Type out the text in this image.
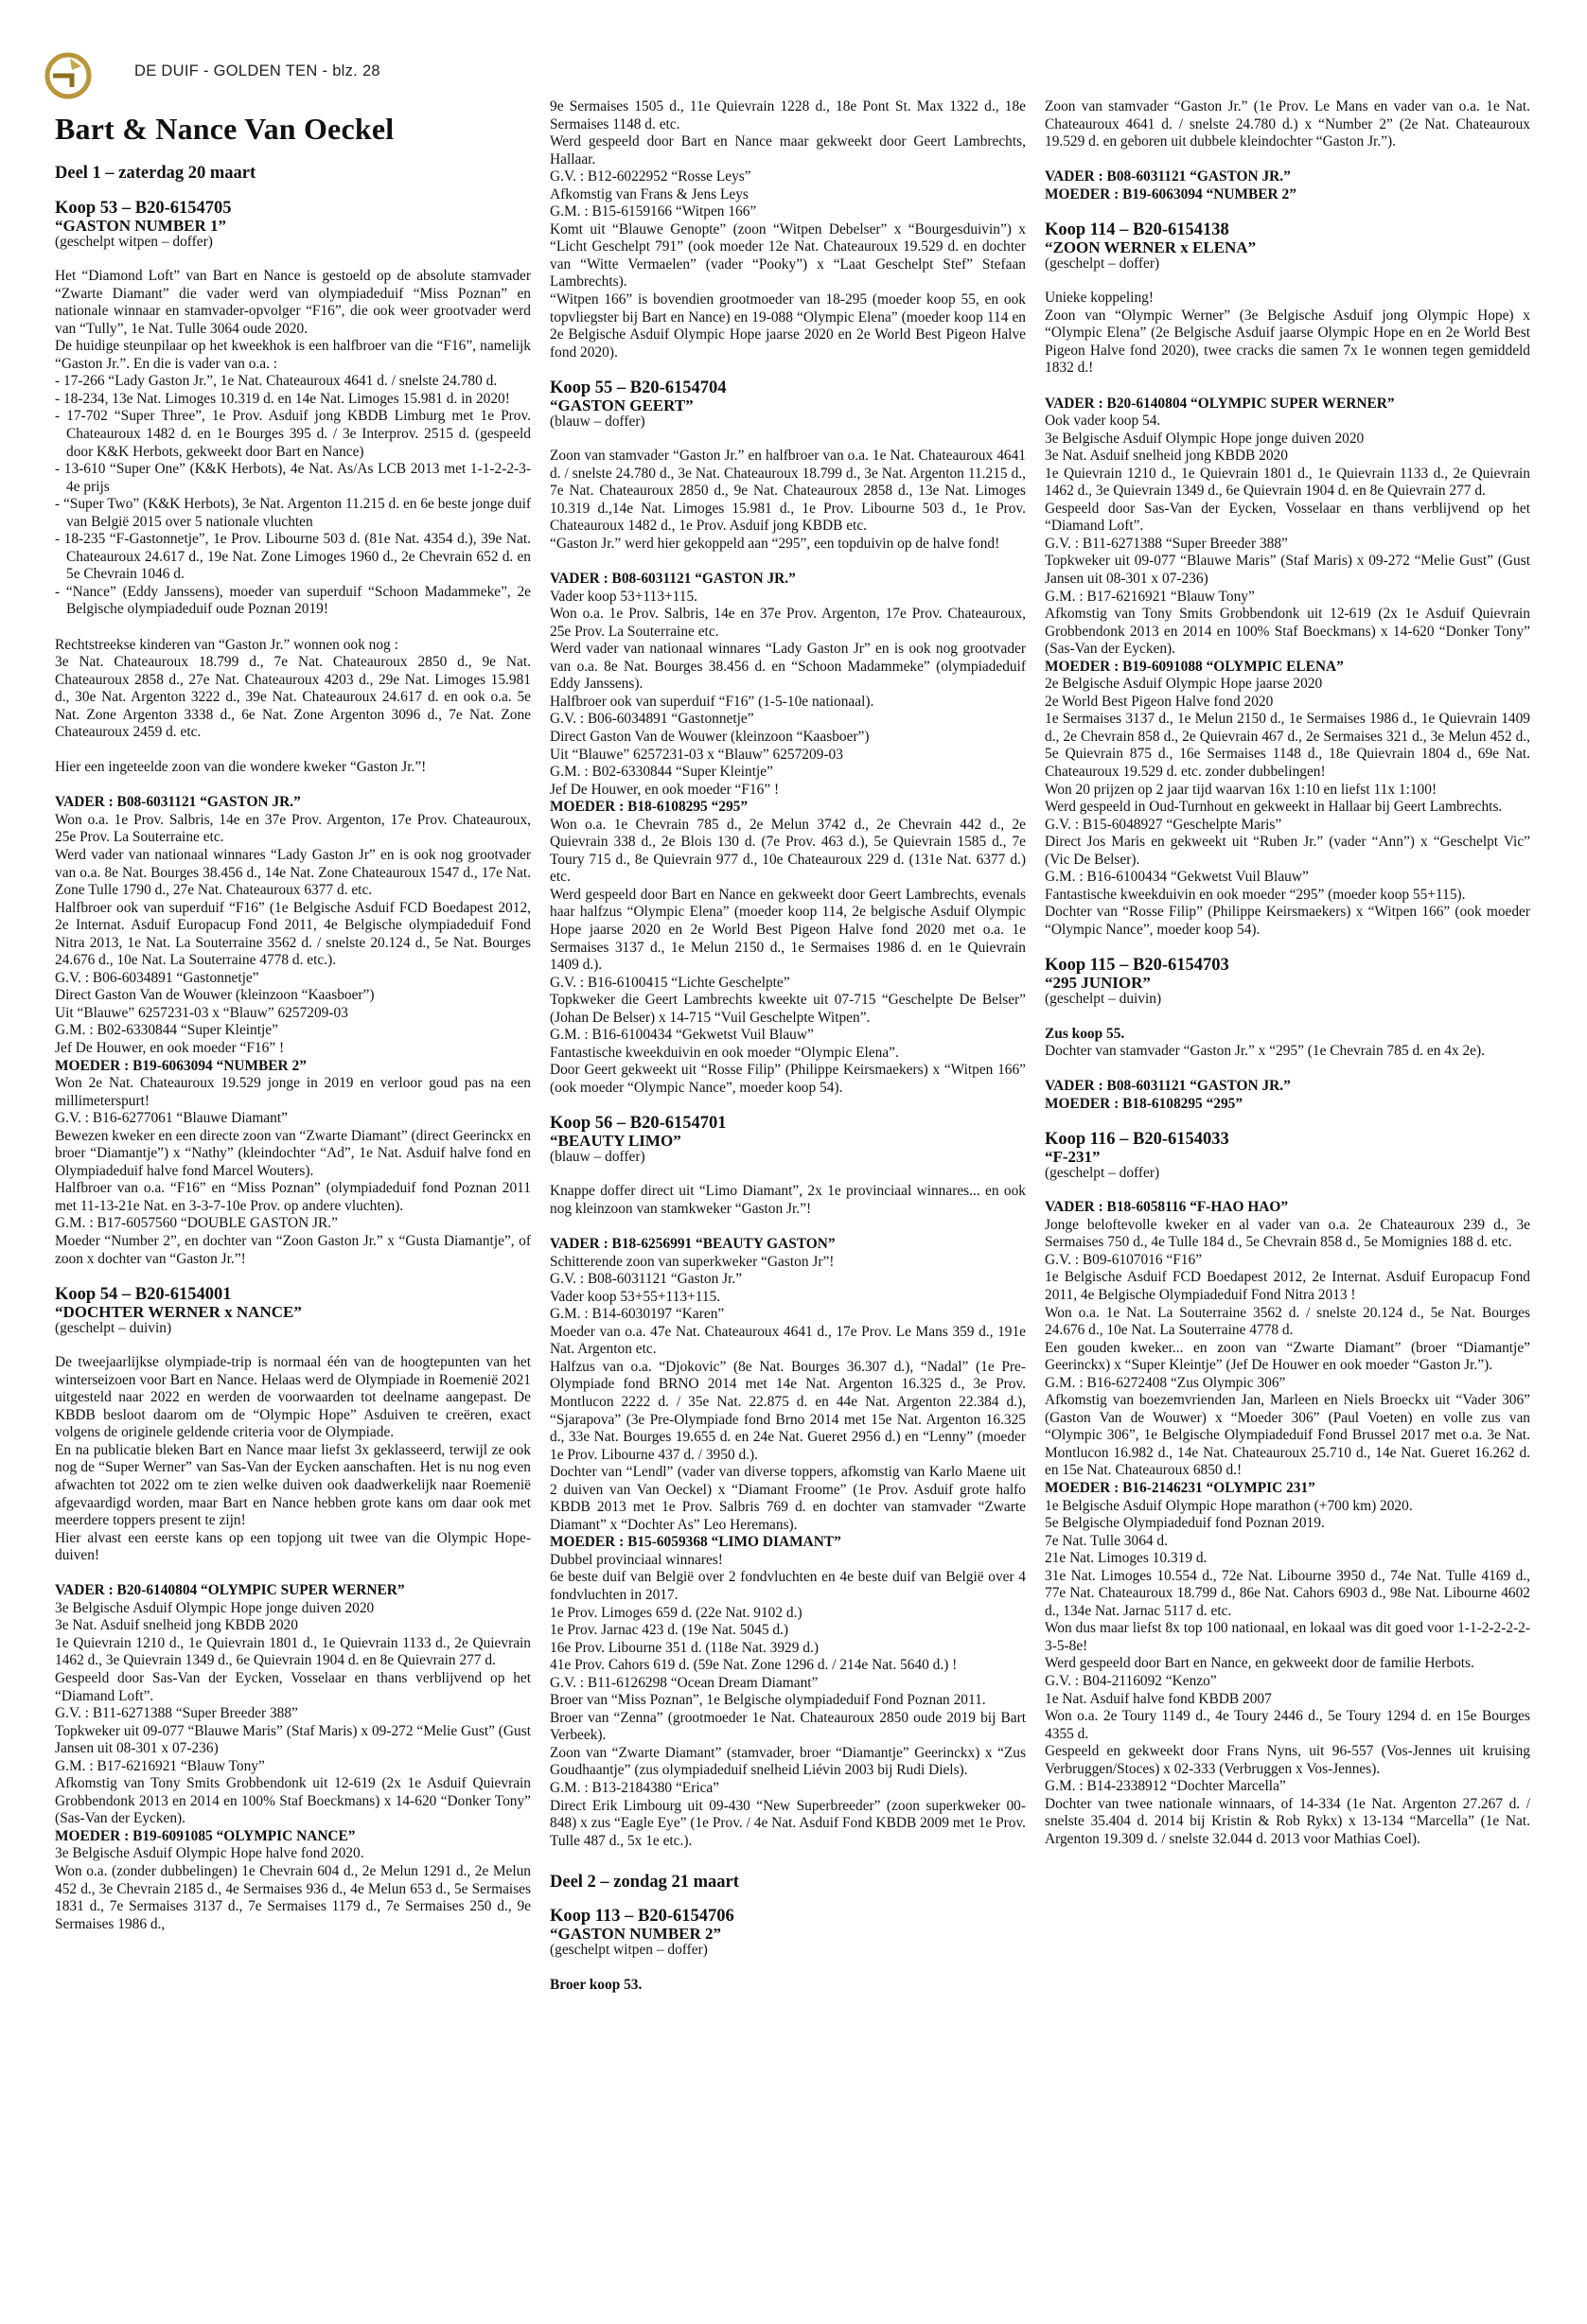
DE DUIF - GOLDEN TEN - blz. 28
Bart & Nance Van Oeckel
Deel 1 – zaterdag 20 maart
Koop 53 – B20-6154705
“GASTON NUMBER 1”
(geschelpt witpen – doffer)

Het “Diamond Loft” van Bart en Nance is gestoeld op de absolute stamvader “Zwarte Diamant” die vader werd van olympiadeduif “Miss Poznan” en nationale winnaar en stamvader-opvolger “F16”, die ook weer grootvader werd van “Tully”, 1e Nat. Tulle 3064 oude 2020.
De huidige steunpilaar op het kweekhok is een halfbroer van die “F16”, namelijk “Gaston Jr.”. En die is vader van o.a. :

- 17-266 “Lady Gaston Jr.”, 1e Nat. Chateauroux 4641 d. / snelste 24.780 d.

- 18-234, 13e Nat. Limoges 10.319 d. en 14e Nat. Limoges 15.981 d. in 2020!

- 17-702 “Super Three”, 1e Prov. Asduif jong KBDB Limburg met 1e Prov. Chateauroux 1482 d. en 1e Bourges 395 d. / 3e Interprov. 2515 d. (gespeeld door K&K Herbots, gekweekt door Bart en Nance)

- 13-610 “Super One” (K&K Herbots), 4e Nat. As/As LCB 2013 met 1-1-2-2-3-4e prijs

- “Super Two” (K&K Herbots), 3e Nat. Argenton 11.215 d. en 6e beste jonge duif van België 2015 over 5 nationale vluchten

- 18-235 “F-Gastonnetje”, 1e Prov. Libourne 503 d. (81e Nat. 4354 d.), 39e Nat. Chateauroux 24.617 d., 19e Nat. Zone Limoges 1960 d., 2e Chevrain 652 d. en 5e Chevrain 1046 d.

- “Nance” (Eddy Janssens), moeder van superduif “Schoon Madammeke”, 2e Belgische olympiadeduif oude Poznan 2019!

Rechtstreekse kinderen van “Gaston Jr.” wonnen ook nog :
3e Nat. Chateauroux 18.799 d., 7e Nat. Chateauroux 2850 d., 9e Nat. Chateauroux 2858 d., 27e Nat. Chateauroux 4203 d., 29e Nat. Limoges 15.981 d., 30e Nat. Argenton 3222 d., 39e Nat. Chateauroux 24.617 d. en ook o.a. 5e Nat. Zone Argenton 3338 d., 6e Nat. Zone Argenton 3096 d., 7e Nat. Zone Chateauroux 2459 d. etc.

Hier een ingeteelde zoon van die wondere kweker “Gaston Jr.”!

VADER : B08-6031121 “GASTON JR.”

Won o.a. 1e Prov. Salbris, 14e en 37e Prov. Argenton, 17e Prov. Chateauroux, 25e Prov. La Souterraine etc.
Werd vader van nationaal winnares “Lady Gaston Jr” en is ook nog grootvader van o.a. 8e Nat. Bourges 38.456 d., 14e Nat. Zone Chateauroux 1547 d., 17e Nat. Zone Tulle 1790 d., 27e Nat. Chateauroux 6377 d. etc.
Halfbroer ook van superduif “F16” (1e Belgische Asduif FCD Boedapest 2012, 2e Internat. Asduif Europacup Fond 2011, 4e Belgische olympiadeduif Fond Nitra 2013, 1e Nat. La Souterraine 3562 d. / snelste 20.124 d., 5e Nat. Bourges 24.676 d., 10e Nat. La Souterraine 4778 d. etc.).
G.V. : B06-6034891 “Gastonnetje”
Direct Gaston Van de Wouwer (kleinzoon “Kaasboer”)
Uit “Blauwe” 6257231-03 x “Blauw” 6257209-03
G.M. : B02-6330844 “Super Kleintje”
Jef De Houwer, en ook moeder “F16” !

MOEDER : B19-6063094 “NUMBER 2”

Won 2e Nat. Chateauroux 19.529 jonge in 2019 en verloor goud pas na een millimeterspurt!
G.V. : B16-6277061 “Blauwe Diamant”
Bewezen kweker en een directe zoon van “Zwarte Diamant” (direct Geerinckx en broer “Diamantje”) x “Nathy” (kleindochter “Ad”, 1e Nat. Asduif halve fond en Olympiadeduif halve fond Marcel Wouters).
Halfbroer van o.a. “F16” en “Miss Poznan” (olympiadeduif fond Poznan 2011 met 11-13-21e Nat. en 3-3-7-10e Prov. op andere vluchten).
G.M. : B17-6057560 “DOUBLE GASTON JR.”
Moeder “Number 2”, en dochter van “Zoon Gaston Jr.” x “Gusta Diamantje”, of zoon x dochter van “Gaston Jr.”!

Koop 54 – B20-6154001
“DOCHTER WERNER x NANCE”
(geschelpt – duivin)

De tweejaarlijkse olympiade-trip is normaal één van de hoogtepunten van het winterseizoen voor Bart en Nance. Helaas werd de Olympiade in Roemenië 2021 uitgesteld naar 2022 en werden de voorwaarden tot deelname aangepast. De KBDB besloot daarom om de “Olympic Hope” Asduiven te creëren, exact volgens de originele geldende criteria voor de Olympiade.
En na publicatie bleken Bart en Nance maar liefst 3x geklasseerd, terwijl ze ook nog de “Super Werner” van Sas-Van der Eycken aanschaften. Het is nu nog even afwachten tot 2022 om te zien welke duiven ook daadwerkelijk naar Roemenië afgevaardigd worden, maar Bart en Nance hebben grote kans om daar ook met meerdere toppers present te zijn!
Hier alvast een eerste kans op een topjong uit twee van die Olympic Hope-duiven!

VADER : B20-6140804 “OLYMPIC SUPER WERNER”

3e Belgische Asduif Olympic Hope jonge duiven 2020
3e Nat. Asduif snelheid jong KBDB 2020
1e Quievrain 1210 d., 1e Quievrain 1801 d., 1e Quievrain 1133 d., 2e Quievrain 1462 d., 3e Quievrain 1349 d., 6e Quievrain 1904 d. en 8e Quievrain 277 d.
Gespeeld door Sas-Van der Eycken, Vosselaar en thans verblijvend op het “Diamand Loft”.
G.V. : B11-6271388 “Super Breeder 388”
Topkweker uit 09-077 “Blauwe Maris” (Staf Maris) x 09-272 “Melie Gust” (Gust Jansen uit 08-301 x 07-236)
G.M. : B17-6216921 “Blauw Tony”
Afkomstig van Tony Smits Grobbendonk uit 12-619 (2x 1e Asduif Quievrain Grobbendonk 2013 en 2014 en 100% Staf Boeckmans) x 14-620 “Donker Tony” (Sas-Van der Eycken).

MOEDER : B19-6091085 “OLYMPIC NANCE”

3e Belgische Asduif Olympic Hope halve fond 2020.
Won o.a. (zonder dubbelingen) 1e Chevrain 604 d., 2e Melun 1291 d., 2e Melun 452 d., 3e Chevrain 2185 d., 4e Sermaises 936 d., 4e Melun 653 d., 5e Sermaises 1831 d., 7e Sermaises 3137 d., 7e Sermaises 1179 d., 7e Sermaises 250 d., 9e Sermaises 1986 d.,

9e Sermaises 1505 d., 11e Quievrain 1228 d., 18e Pont St. Max 1322 d., 18e Sermaises 1148 d. etc.
Werd gespeeld door Bart en Nance maar gekweekt door Geert Lambrechts, Hallaar.
G.V. : B12-6022952 “Rosse Leys”
Afkomstig van Frans & Jens Leys
G.M. : B15-6159166 “Witpen 166”
Komt uit “Blauwe Genopte” (zoon “Witpen Debelser” x “Bourgesduivin”) x “Licht Geschelpt 791” (ook moeder 12e Nat. Chateauroux 19.529 d. en dochter van “Witte Vermaelen” (vader “Pooky”) x “Laat Geschelpt Stef” Stefaan Lambrechts).
“Witpen 166” is bovendien grootmoeder van 18-295 (moeder koop 55, en ook topvliegster bij Bart en Nance) en 19-088 “Olympic Elena” (moeder koop 114 en 2e Belgische Asduif Olympic Hope jaarse 2020 en 2e World Best Pigeon Halve fond 2020).

Koop 55 – B20-6154704
“GASTON GEERT”
(blauw – doffer)

Zoon van stamvader “Gaston Jr.” en halfbroer van o.a. 1e Nat. Chateauroux 4641 d. / snelste 24.780 d., 3e Nat. Chateauroux 18.799 d., 3e Nat. Argenton 11.215 d., 7e Nat. Chateauroux 2850 d., 9e Nat. Chateauroux 2858 d., 13e Nat. Limoges 10.319 d.,14e Nat. Limoges 15.981 d., 1e Prov. Libourne 503 d., 1e Prov. Chateauroux 1482 d., 1e Prov. Asduif jong KBDB etc.
“Gaston Jr.” werd hier gekoppeld aan “295”, een topduivin op de halve fond!

VADER : B08-6031121 “GASTON JR.”

Vader koop 53+113+115.
Won o.a. 1e Prov. Salbris, 14e en 37e Prov. Argenton, 17e Prov. Chateauroux, 25e Prov. La Souterraine etc.
Werd vader van nationaal winnares “Lady Gaston Jr” en is ook nog grootvader van o.a. 8e Nat. Bourges 38.456 d. en “Schoon Madammeke” (olympiadeduif Eddy Janssens).
Halfbroer ook van superduif “F16” (1-5-10e nationaal).
G.V. : B06-6034891 “Gastonnetje”
Direct Gaston Van de Wouwer (kleinzoon “Kaasboer”)
Uit “Blauwe” 6257231-03 x “Blauw” 6257209-03
G.M. : B02-6330844 “Super Kleintje”
Jef De Houwer, en ook moeder “F16” !

MOEDER : B18-6108295 “295”

Won o.a. 1e Chevrain 785 d., 2e Melun 3742 d., 2e Chevrain 442 d., 2e Quievrain 338 d., 2e Blois 130 d. (7e Prov. 463 d.), 5e Quievrain 1585 d., 7e Toury 715 d., 8e Quievrain 977 d., 10e Chateauroux 229 d. (131e Nat. 6377 d.) etc.
Werd gespeeld door Bart en Nance en gekweekt door Geert Lambrechts, evenals haar halfzus “Olympic Elena” (moeder koop 114, 2e belgische Asduif Olympic Hope jaarse 2020 en 2e World Best Pigeon Halve fond 2020 met o.a. 1e Sermaises 3137 d., 1e Melun 2150 d., 1e Sermaises 1986 d. en 1e Quievrain 1409 d.).
G.V. : B16-6100415 “Lichte Geschelpte”
Topkweker die Geert Lambrechts kweekte uit 07-715 “Geschelpte De Belser” (Johan De Belser) x 14-715 “Vuil Geschelpte Witpen”.
G.M. : B16-6100434 “Gekwetst Vuil Blauw”
Fantastische kweekduivin en ook moeder “Olympic Elena”.
Door Geert gekweekt uit “Rosse Filip” (Philippe Keirsmaekers) x “Witpen 166” (ook moeder “Olympic Nance”, moeder koop 54).

Koop 56 – B20-6154701
“BEAUTY LIMO”
(blauw – doffer)

Knappe doffer direct uit “Limo Diamant”, 2x 1e provinciaal winnares... en ook nog kleinzoon van stamkweker “Gaston Jr.”!

VADER : B18-6256991 “BEAUTY GASTON”

Schitterende zoon van superkweker “Gaston Jr”!
G.V. : B08-6031121 “Gaston Jr.”
Vader koop 53+55+113+115.
G.M. : B14-6030197 “Karen”
Moeder van o.a. 47e Nat. Chateauroux 4641 d., 17e Prov. Le Mans 359 d., 191e Nat. Argenton etc.
Halfzus van o.a. “Djokovic” (8e Nat. Bourges 36.307 d.), “Nadal” (1e Pre-Olympiade fond BRNO 2014 met 14e Nat. Argenton 16.325 d., 3e Prov. Montlucon 2222 d. / 35e Nat. 22.875 d. en 44e Nat. Argenton 22.384 d.), “Sjarapova” (3e Pre-Olympiade fond Brno 2014 met 15e Nat. Argenton 16.325 d., 33e Nat. Bourges 19.655 d. en 24e Nat. Gueret 2956 d.) en “Lenny” (moeder 1e Prov. Libourne 437 d. / 3950 d.).
Dochter van “Lendl” (vader van diverse toppers, afkomstig van Karlo Maene uit 2 duiven van Van Oeckel) x “Diamant Froome” (1e Prov. Asduif grote halfo KBDB 2013 met 1e Prov. Salbris 769 d. en dochter van stamvader “Zwarte Diamant” x “Dochter As” Leo Heremans).

MOEDER : B15-6059368 “LIMO DIAMANT”

Dubbel provinciaal winnares!
6e beste duif van België over 2 fondvluchten en 4e beste duif van België over 4 fondvluchten in 2017.
1e Prov. Limoges 659 d. (22e Nat. 9102 d.)
1e Prov. Jarnac 423 d. (19e Nat. 5045 d.)
16e Prov. Libourne 351 d. (118e Nat. 3929 d.)
41e Prov. Cahors 619 d. (59e Nat. Zone 1296 d. / 214e Nat. 5640 d.) !
G.V. : B11-6126298 “Ocean Dream Diamant”
Broer van “Miss Poznan”, 1e Belgische olympiadeduif Fond Poznan 2011.
Broer van “Zenna” (grootmoeder 1e Nat. Chateauroux 2850 oude 2019 bij Bart Verbeek).
Zoon van “Zwarte Diamant” (stamvader, broer “Diamantje” Geerinckx) x “Zus Goudhaantje” (zus olympiadeduif snelheid Liévin 2003 bij Rudi Diels).
G.M. : B13-2184380 “Erica”
Direct Erik Limbourg uit 09-430 “New Superbreeder” (zoon superkweker 00-848) x zus “Eagle Eye” (1e Prov. / 4e Nat. Asduif Fond KBDB 2009 met 1e Prov. Tulle 487 d., 5x 1e etc.).

Deel 2 – zondag 21 maart
Koop 113 – B20-6154706
“GASTON NUMBER 2”
(geschelpt witpen – doffer)

Broer koop 53.

Zoon van stamvader “Gaston Jr.” (1e Prov. Le Mans en vader van o.a. 1e Nat. Chateauroux 4641 d. / snelste 24.780 d.) x “Number 2” (2e Nat. Chateauroux 19.529 d. en geboren uit dubbele kleindochter “Gaston Jr.”).

VADER : B08-6031121 “GASTON JR.”

MOEDER : B19-6063094 “NUMBER 2”

Koop 114 – B20-6154138
“ZOON WERNER x ELENA”
(geschelpt – doffer)

Unieke koppeling!
Zoon van “Olympic Werner” (3e Belgische Asduif jong Olympic Hope) x “Olympic Elena” (2e Belgische Asduif jaarse Olympic Hope en en 2e World Best Pigeon Halve fond 2020), twee cracks die samen 7x 1e wonnen tegen gemiddeld 1832 d.!

VADER : B20-6140804 “OLYMPIC SUPER WERNER”

Ook vader koop 54.
3e Belgische Asduif Olympic Hope jonge duiven 2020
3e Nat. Asduif snelheid jong KBDB 2020
1e Quievrain 1210 d., 1e Quievrain 1801 d., 1e Quievrain 1133 d., 2e Quievrain 1462 d., 3e Quievrain 1349 d., 6e Quievrain 1904 d. en 8e Quievrain 277 d.
Gespeeld door Sas-Van der Eycken, Vosselaar en thans verblijvend op het “Diamand Loft”.
G.V. : B11-6271388 “Super Breeder 388”
Topkweker uit 09-077 “Blauwe Maris” (Staf Maris) x 09-272 “Melie Gust” (Gust Jansen uit 08-301 x 07-236)
G.M. : B17-6216921 “Blauw Tony”
Afkomstig van Tony Smits Grobbendonk uit 12-619 (2x 1e Asduif Quievrain Grobbendonk 2013 en 2014 en 100% Staf Boeckmans) x 14-620 “Donker Tony” (Sas-Van der Eycken).

MOEDER : B19-6091088 “OLYMPIC ELENA”

2e Belgische Asduif Olympic Hope jaarse 2020
2e World Best Pigeon Halve fond 2020
1e Sermaises 3137 d., 1e Melun 2150 d., 1e Sermaises 1986 d., 1e Quievrain 1409 d., 2e Chevrain 858 d., 2e Quievrain 467 d., 2e Sermaises 321 d., 3e Melun 452 d., 5e Quievrain 875 d., 16e Sermaises 1148 d., 18e Quievrain 1804 d., 69e Nat. Chateauroux 19.529 d. etc. zonder dubbelingen!
Won 20 prijzen op 2 jaar tijd waarvan 16x 1:10 en liefst 11x 1:100!
Werd gespeeld in Oud-Turnhout en gekweekt in Hallaar bij Geert Lambrechts.
G.V. : B15-6048927 “Geschelpte Maris”
Direct Jos Maris en gekweekt uit “Ruben Jr.” (vader “Ann”) x “Geschelpt Vic” (Vic De Belser).
G.M. : B16-6100434 “Gekwetst Vuil Blauw”
Fantastische kweekduivin en ook moeder “295” (moeder koop 55+115).
Dochter van “Rosse Filip” (Philippe Keirsmaekers) x “Witpen 166” (ook moeder “Olympic Nance”, moeder koop 54).

Koop 115 – B20-6154703
“295 JUNIOR”
(geschelpt – duivin)

Zus koop 55.

Dochter van stamvader “Gaston Jr.” x “295” (1e Chevrain 785 d. en 4x 2e).

VADER : B08-6031121 “GASTON JR.”

MOEDER : B18-6108295 “295”

Koop 116 – B20-6154033
“F-231”
(geschelpt – doffer)

VADER : B18-6058116 “F-HAO HAO”

Jonge beloftevolle kweker en al vader van o.a. 2e Chateauroux 239 d., 3e Sermaises 750 d., 4e Tulle 184 d., 5e Chevrain 858 d., 5e Momignies 188 d. etc.
G.V. : B09-6107016 “F16”
1e Belgische Asduif FCD Boedapest 2012, 2e Internat. Asduif Europacup Fond 2011, 4e Belgische Olympiadeduif Fond Nitra 2013 !
Won o.a. 1e Nat. La Souterraine 3562 d. / snelste 20.124 d., 5e Nat. Bourges 24.676 d., 10e Nat. La Souterraine 4778 d.
Een gouden kweker... en zoon van “Zwarte Diamant” (broer “Diamantje” Geerinckx) x “Super Kleintje” (Jef De Houwer en ook moeder “Gaston Jr.”).
G.M. : B16-6272408 “Zus Olympic 306”
Afkomstig van boezemvrienden Jan, Marleen en Niels Broeckx uit “Vader 306” (Gaston Van de Wouwer) x “Moeder 306” (Paul Voeten) en volle zus van “Olympic 306”, 1e Belgische Olympiadeduif Fond Brussel 2017 met o.a. 3e Nat. Montlucon 16.982 d., 14e Nat. Chateauroux 25.710 d., 14e Nat. Gueret 16.262 d. en 15e Nat. Chateauroux 6850 d.!

MOEDER : B16-2146231 “OLYMPIC 231”

1e Belgische Asduif Olympic Hope marathon (+700 km) 2020.
5e Belgische Olympiadeduif fond Poznan 2019.
7e Nat. Tulle 3064 d.
21e Nat. Limoges 10.319 d.
31e Nat. Limoges 10.554 d., 72e Nat. Libourne 3950 d., 74e Nat. Tulle 4169 d., 77e Nat. Chateauroux 18.799 d., 86e Nat. Cahors 6903 d., 98e Nat. Libourne 4602 d., 134e Nat. Jarnac 5117 d. etc.
Won dus maar liefst 8x top 100 nationaal, en lokaal was dit goed voor 1-1-2-2-2-2-3-5-8e!
Werd gespeeld door Bart en Nance, en gekweekt door de familie Herbots.
G.V. : B04-2116092 “Kenzo”
1e Nat. Asduif halve fond KBDB 2007
Won o.a. 2e Toury 1149 d., 4e Toury 2446 d., 5e Toury 1294 d. en 15e Bourges 4355 d.
Gespeeld en gekweekt door Frans Nyns, uit 96-557 (Vos-Jennes uit kruising Verbruggen/Stoces) x 02-333 (Verbruggen x Vos-Jennes).
G.M. : B14-2338912 “Dochter Marcella”
Dochter van twee nationale winnaars, of 14-334 (1e Nat. Argenton 27.267 d. / snelste 35.404 d. 2014 bij Kristin & Rob Rykx) x 13-134 “Marcella” (1e Nat. Argenton 19.309 d. / snelste 32.044 d. 2013 voor Mathias Coel).
